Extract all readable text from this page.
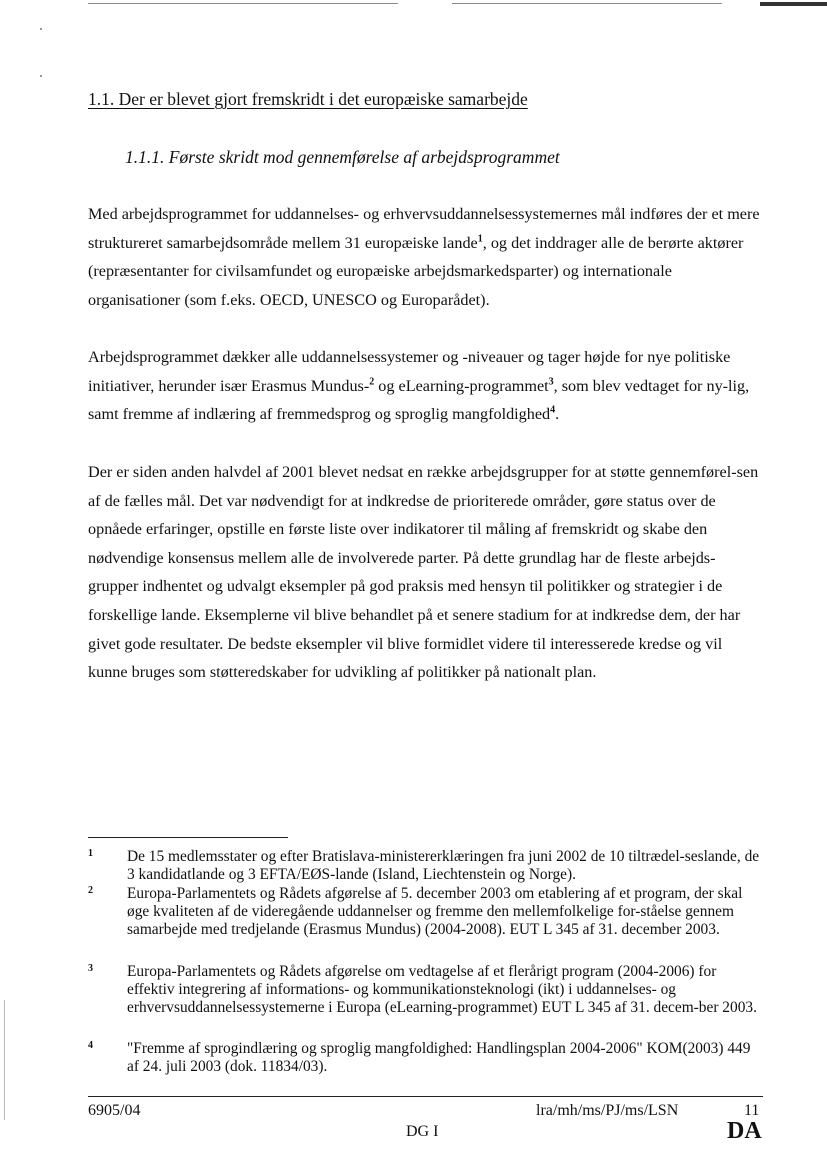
1.1. Der er blevet gjort fremskridt i det europæiske samarbejde
1.1.1. Første skridt mod gennemførelse af arbejdsprogrammet

Med arbejdsprogrammet for uddannelses- og erhvervsuddannelsessystemernes mål indføres der et mere struktureret samarbejdsområde mellem 31 europæiske lande$^1$, og det inddrager alle de berørte aktører (repræsentanter for civilsamfundet og europæiske arbejdsmarkedsparter) og internationale organisationer (som f.eks. OECD, UNESCO og Europarådet).

Arbejdsprogrammet dækker alle uddannelsessystemer og -niveauer og tager højde for nye politiske initiativer, herunder især Erasmus Mundus-$^2$ og eLearning-programmet$^3$, som blev vedtaget for ny-lig, samt fremme af indlæring af fremmedsprog og sproglig mangfoldighed$^4$.

Der er siden anden halvdel af 2001 blevet nedsat en række arbejdsgrupper for at støtte gennemførel-sen af de fælles mål. Det var nødvendigt for at indkredse de prioriterede områder, gøre status over de opnåede erfaringer, opstille en første liste over indikatorer til måling af fremskridt og skabe den nødvendige konsensus mellem alle de involverede parter. På dette grundlag har de fleste arbejds-grupper indhentet og udvalgt eksempler på god praksis med hensyn til politikker og strategier i de forskellige lande. Eksemplerne vil blive behandlet på et senere stadium for at indkredse dem, der har givet gode resultater. De bedste eksempler vil blive formidlet videre til interesserede kredse og vil kunne bruges som støtteredskaber for udvikling af politikker på nationalt plan.

1	De 15 medlemsstater og efter Bratislava-ministererklæringen fra juni 2002 de 10 tiltrædel-seslande, de 3 kandidatlande og 3 EFTA/EØS-lande (Island, Liechtenstein og Norge).
2	Europa-Parlamentets og Rådets afgørelse af 5. december 2003 om etablering af et program, der skal øge kvaliteten af de videregående uddannelser og fremme den mellemfolkelige for-ståelse gennem samarbejde med tredjelande (Erasmus Mundus) (2004-2008). EUT L 345 af 31. december 2003.
3	Europa-Parlamentets og Rådets afgørelse om vedtagelse af et flerårigt program (2004-2006) for effektiv integrering af informations- og kommunikationsteknologi (ikt) i uddannelses- og erhvervsuddannelsessystemerne i Europa (eLearning-programmet) EUT L 345 af 31. decem-ber 2003.
4	"Fremme af sprogindlæring og sproglig mangfoldighed: Handlingsplan 2004-2006" KOM(2003) 449 af 24. juli 2003 (dok. 11834/03).
6905/04
DG I
lra/mh/ms/PJ/ms/LSN	11
DA
